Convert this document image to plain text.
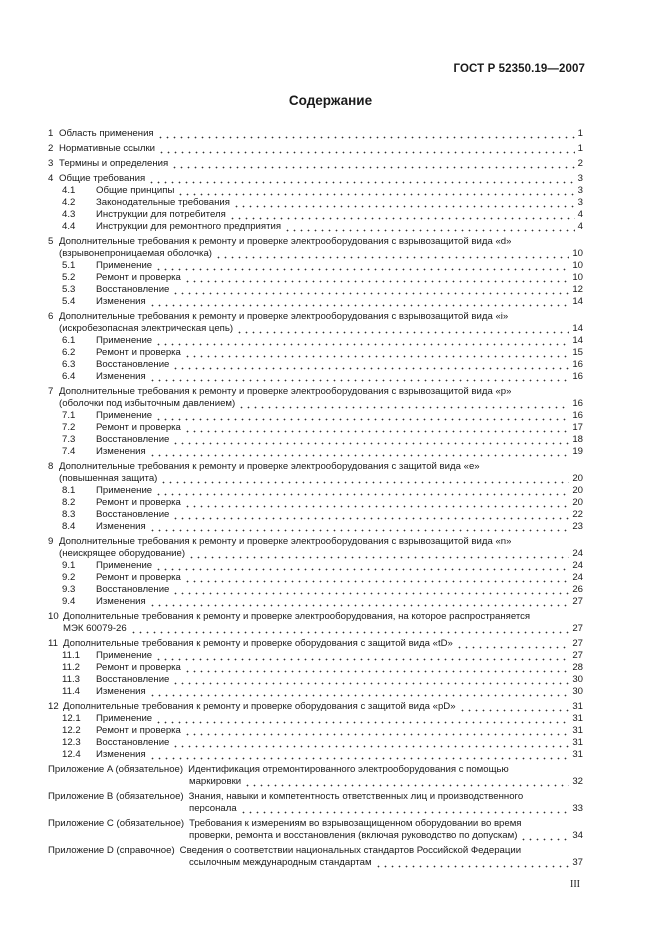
ГОСТ Р 52350.19—2007
Содержание
1 Область применения	1
2 Нормативные ссылки	1
3 Термины и определения	2
4 Общие требования	3
4.1	Общие принципы	3
4.2	Законодательные требования	3
4.3	Инструкции для потребителя	4
4.4	Инструкции для ремонтного предприятия	4
5 Дополнительные требования к ремонту и проверке электрооборудования с взрывозащитой вида «d»
(взрывонепроницаемая оболочка)	10
5.1	Применение	10
5.2	Ремонт и проверка	10
5.3	Восстановление	12
5.4	Изменения	14
6 Дополнительные требования к ремонту и проверке электрооборудования с взрывозащитой вида «i»
(искробезопасная электрическая цепь)	14
6.1	Применение	14
6.2	Ремонт и проверка	15
6.3	Восстановление	16
6.4	Изменения	16
7 Дополнительные требования к ремонту и проверке электрооборудования с взрывозащитой вида «p»
(оболочки под избыточным давлением)	16
7.1	Применение	16
7.2	Ремонт и проверка	17
7.3	Восстановление	18
7.4	Изменения	19
8 Дополнительные требования к ремонту и проверке электрооборудования с защитой вида «e»
(повышенная защита)	20
8.1	Применение	20
8.2	Ремонт и проверка	20
8.3	Восстановление	22
8.4	Изменения	23
9 Дополнительные требования к ремонту и проверке электрооборудования с взрывозащитой вида «n»
(неискрящее оборудование)	24
9.1	Применение	24
9.2	Ремонт и проверка	24
9.3	Восстановление	26
9.4	Изменения	27
10 Дополнительные требования к ремонту и проверке электрооборудования, на которое распространяется
МЭК 60079-26	27
11 Дополнительные требования к ремонту и проверке оборудования с защитой вида «tD»	27
11.1	Применение	27
11.2	Ремонт и проверка	28
11.3	Восстановление	30
11.4	Изменения	30
12 Дополнительные требования к ремонту и проверке оборудования с защитой вида «pD»	31
12.1	Применение	31
12.2	Ремонт и проверка	31
12.3	Восстановление	31
12.4	Изменения	31
Приложение A (обязательное) Идентификация отремонтированного электрооборудования с помощью
маркировки	32
Приложение B (обязательное) Знания, навыки и компетентность ответственных лиц и производственного
персонала	33
Приложение C (обязательное) Требования к измерениям во взрывозащищенном оборудовании во время
проверки, ремонта и восстановления (включая руководство по допускам)	34
Приложение D (справочное) Сведения о соответствии национальных стандартов Российской Федерации
ссылочным международным стандартам	37
III
